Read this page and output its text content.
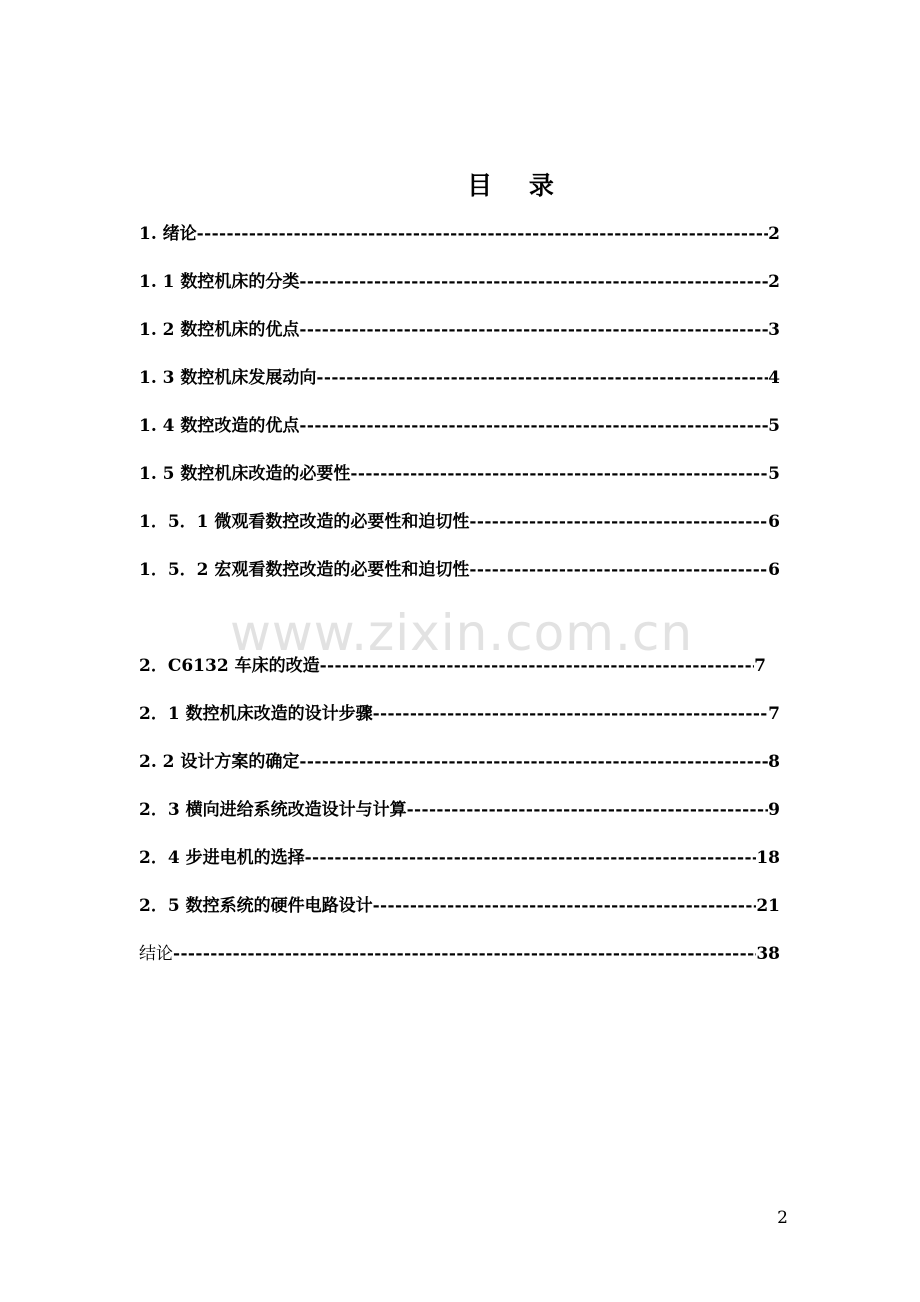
目 录
1. 绪论 -----	2
1. 1 数控机床的分类 -----	2
1. 2 数控机床的优点 -----	3
1. 3 数控机床发展动向 -----	4
1. 4 数控改造的优点 -----	5
1. 5 数控机床改造的必要性 -----	5
1．5．1 微观看数控改造的必要性和迫切性 -----	6
1．5．2 宏观看数控改造的必要性和迫切性 -----	6
www.zixin.com.cn
2．C6132 车床的改造 -----	7
2．1 数控机床改造的设计步骤 -----	7
2. 2 设计方案的确定 -----	8
2．3 横向进给系统改造设计与计算 -----	9
2．4 步进电机的选择 -----	18
2．5 数控系统的硬件电路设计 -----	21
结论 -----	38
2
